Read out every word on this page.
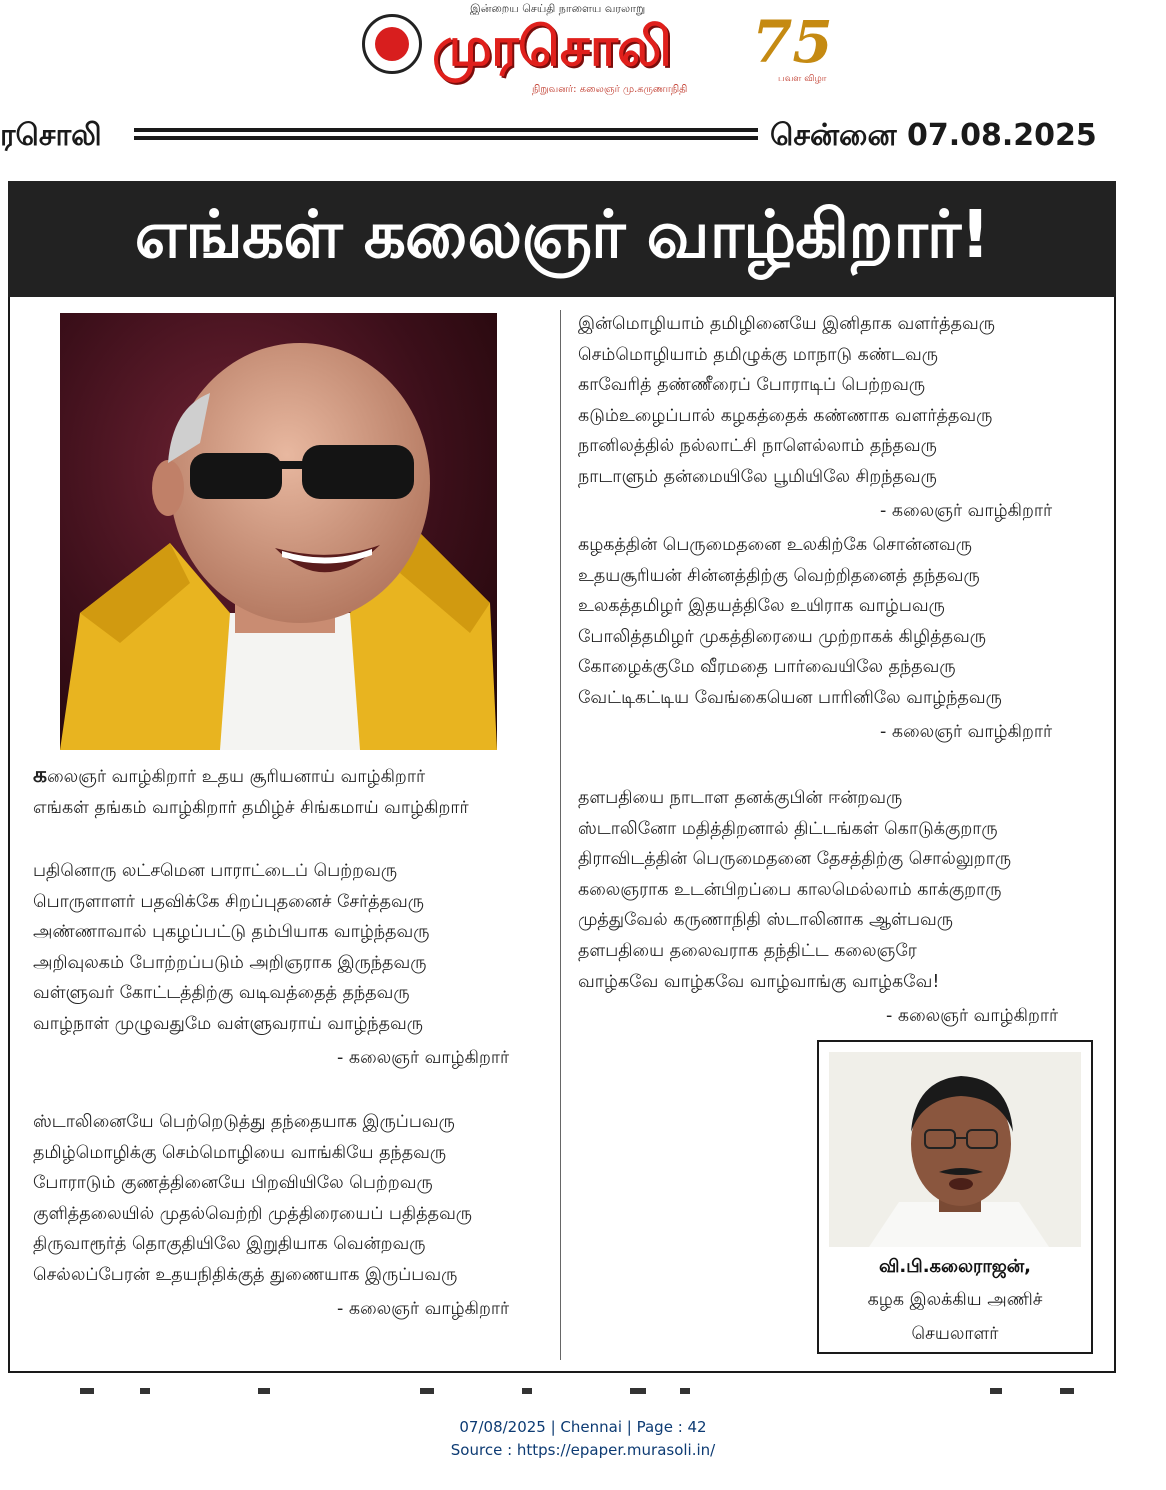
இன்றைய செய்தி நாளைய வரலாறு
முரசொலி
நிறுவனர்: கலைஞர் மு.கருணாநிதி
75
பவள விழா
ரசொலி	சென்னை 07.08.2025
எங்கள் கலைஞர் வாழ்கிறார்!
கலைஞர் வாழ்கிறார் உதய சூரியனாய் வாழ்கிறார்
எங்கள் தங்கம் வாழ்கிறார் தமிழ்ச் சிங்கமாய் வாழ்கிறார்
பதினொரு லட்சமென பாராட்டைப் பெற்றவரு
பொருளாளர் பதவிக்கே சிறப்புதனைச் சேர்த்தவரு
அண்ணாவால் புகழப்பட்டு தம்பியாக வாழ்ந்தவரு
அறிவுலகம் போற்றப்படும் அறிஞராக இருந்தவரு
வள்ளுவர் கோட்டத்திற்கு வடிவத்தைத் தந்தவரு
வாழ்நாள் முழுவதுமே வள்ளுவராய் வாழ்ந்தவரு
- கலைஞர் வாழ்கிறார்
ஸ்டாலினையே பெற்றெடுத்து தந்தையாக இருப்பவரு
தமிழ்மொழிக்கு செம்மொழியை வாங்கியே தந்தவரு
போராடும் குணத்தினையே பிறவியிலே பெற்றவரு
குளித்தலையில் முதல்வெற்றி முத்திரையைப் பதித்தவரு
திருவாரூர்த் தொகுதியிலே இறுதியாக வென்றவரு
செல்லப்பேரன் உதயநிதிக்குத் துணையாக இருப்பவரு
- கலைஞர் வாழ்கிறார்
இன்மொழியாம் தமிழினையே இனிதாக வளர்த்தவரு
செம்மொழியாம் தமிழுக்கு மாநாடு கண்டவரு
காவேரித் தண்ணீரைப் போராடிப் பெற்றவரு
கடும்உழைப்பால் கழகத்தைக் கண்ணாக வளர்த்தவரு
நானிலத்தில் நல்லாட்சி நாளெல்லாம் தந்தவரு
நாடாளும் தன்மையிலே பூமியிலே சிறந்தவரு
- கலைஞர் வாழ்கிறார்
கழகத்தின் பெருமைதனை உலகிற்கே சொன்னவரு
உதயசூரியன் சின்னத்திற்கு வெற்றிதனைத் தந்தவரு
உலகத்தமிழர் இதயத்திலே உயிராக வாழ்பவரு
போலித்தமிழர் முகத்திரையை முற்றாகக் கிழித்தவரு
கோழைக்குமே வீரமதை பார்வையிலே தந்தவரு
வேட்டிகட்டிய வேங்கையென பாரினிலே வாழ்ந்தவரு
- கலைஞர் வாழ்கிறார்
தளபதியை நாடாள தனக்குபின் ஈன்றவரு
ஸ்டாலினோ மதித்திறனால் திட்டங்கள் கொடுக்குறாரு
திராவிடத்தின் பெருமைதனை தேசத்திற்கு சொல்லுறாரு
கலைஞராக உடன்பிறப்பை காலமெல்லாம் காக்குறாரு
முத்துவேல் கருணாநிதி ஸ்டாலினாக ஆள்பவரு
தளபதியை தலைவராக தந்திட்ட கலைஞரே
வாழ்கவே வாழ்கவே வாழ்வாங்கு வாழ்கவே!
- கலைஞர் வாழ்கிறார்
வி.பி.கலைராஜன்,
கழக இலக்கிய அணிச்
செயலாளர்
07/08/2025 | Chennai | Page : 42
Source : https://epaper.murasoli.in/
